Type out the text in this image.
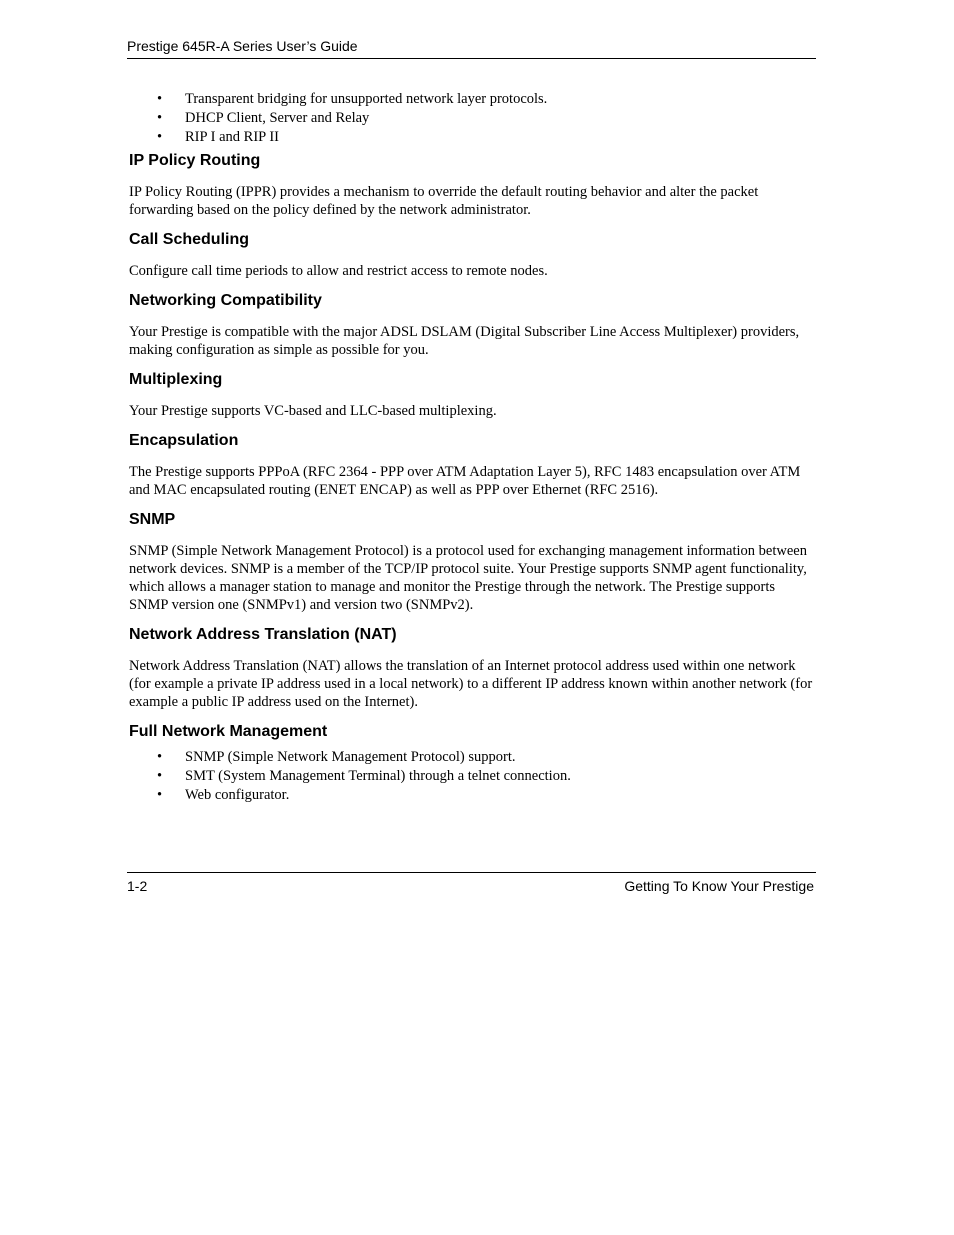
Prestige 645R-A Series User’s Guide
• Transparent bridging for unsupported network layer protocols.
• DHCP Client, Server and Relay
• RIP I and RIP II
IP Policy Routing

IP Policy Routing (IPPR) provides a mechanism to override the default routing behavior and alter the packet forwarding based on the policy defined by the network administrator.

Call Scheduling

Configure call time periods to allow and restrict access to remote nodes.

Networking Compatibility

Your Prestige is compatible with the major ADSL DSLAM (Digital Subscriber Line Access Multiplexer) providers, making configuration as simple as possible for you.

Multiplexing

Your Prestige supports VC-based and LLC-based multiplexing.

Encapsulation

The Prestige supports PPPoA (RFC 2364 - PPP over ATM Adaptation Layer 5), RFC 1483 encapsulation over ATM and MAC encapsulated routing (ENET ENCAP) as well as PPP over Ethernet (RFC 2516).

SNMP

SNMP (Simple Network Management Protocol) is a protocol used for exchanging management information between network devices. SNMP is a member of the TCP/IP protocol suite. Your Prestige supports SNMP agent functionality, which allows a manager station to manage and monitor the Prestige through the network. The Prestige supports SNMP version one (SNMPv1) and version two (SNMPv2).

Network Address Translation (NAT)

Network Address Translation (NAT) allows the translation of an Internet protocol address used within one network (for example a private IP address used in a local network) to a different IP address known within another network (for example a public IP address used on the Internet).

Full Network Management
• SNMP (Simple Network Management Protocol) support.
• SMT (System Management Terminal) through a telnet connection.
• Web configurator.
1-2	Getting To Know Your Prestige
